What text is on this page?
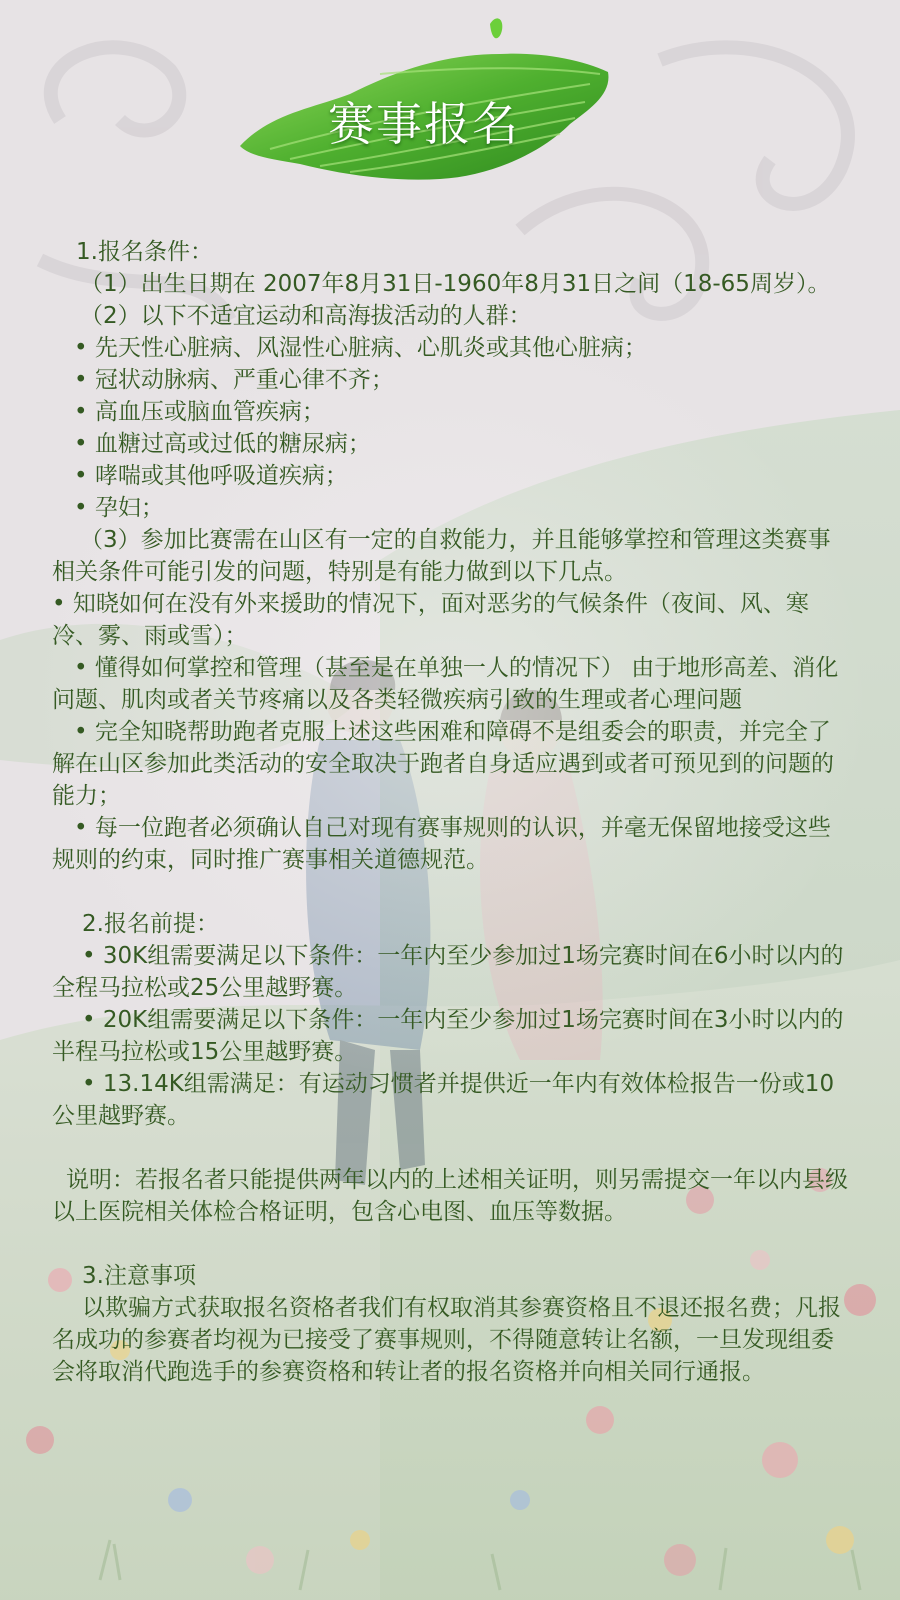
赛事报名

1.报名条件：

（1）出生日期在 2007年8月31日-1960年8月31日之间（18-65周岁）。

（2）以下不适宜运动和高海拔活动的人群：

• 先天性心脏病、风湿性心脏病、心肌炎或其他心脏病；

• 冠状动脉病、严重心律不齐；

• 高血压或脑血管疾病；

• 血糖过高或过低的糖尿病；

• 哮喘或其他呼吸道疾病；

• 孕妇；

（3）参加比赛需在山区有一定的自救能力，并且能够掌控和管理这类赛事相关条件可能引发的问题，特别是有能力做到以下几点。

• 知晓如何在没有外来援助的情况下，面对恶劣的气候条件（夜间、风、寒冷、雾、雨或雪）；

• 懂得如何掌控和管理（甚至是在单独一人的情况下） 由于地形高差、消化问题、肌肉或者关节疼痛以及各类轻微疾病引致的生理或者心理问题

• 完全知晓帮助跑者克服上述这些困难和障碍不是组委会的职责，并完全了解在山区参加此类活动的安全取决于跑者自身适应遇到或者可预见到的问题的能力；

• 每一位跑者必须确认自己对现有赛事规则的认识，并毫无保留地接受这些规则的约束，同时推广赛事相关道德规范。

2.报名前提：

• 30K组需要满足以下条件：一年内至少参加过1场完赛时间在6小时以内的全程马拉松或25公里越野赛。

• 20K组需要满足以下条件：一年内至少参加过1场完赛时间在3小时以内的半程马拉松或15公里越野赛。

• 13.14K组需满足：有运动习惯者并提供近一年内有效体检报告一份或10公里越野赛。

说明：若报名者只能提供两年以内的上述相关证明，则另需提交一年以内县级以上医院相关体检合格证明，包含心电图、血压等数据。

3.注意事项

以欺骗方式获取报名资格者我们有权取消其参赛资格且不退还报名费；凡报名成功的参赛者均视为已接受了赛事规则，不得随意转让名额，一旦发现组委会将取消代跑选手的参赛资格和转让者的报名资格并向相关同行通报。
